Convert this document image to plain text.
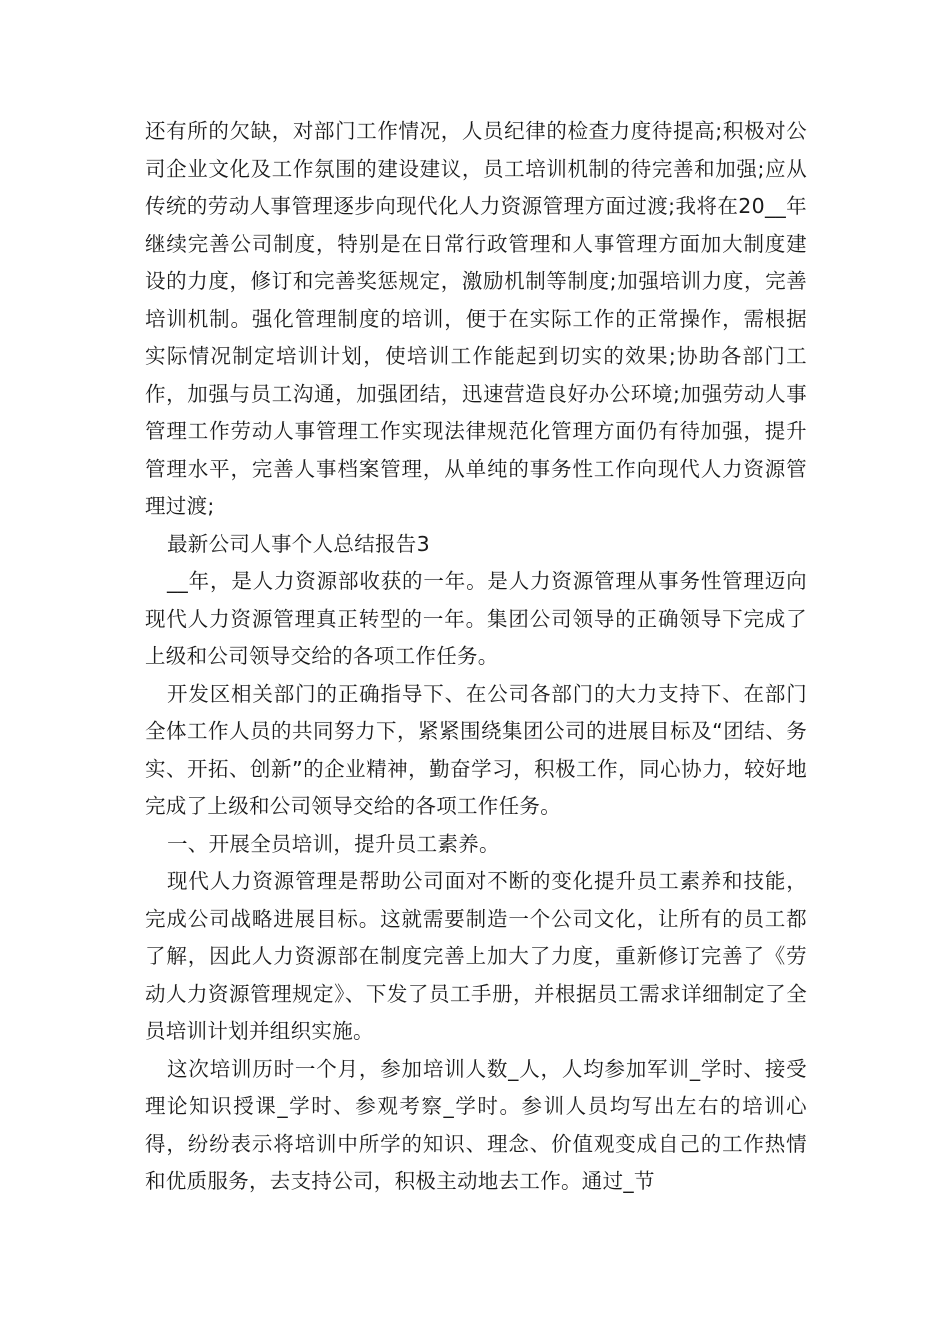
还有所的欠缺，对部门工作情况，人员纪律的检查力度待提高;积极对公司企业文化及工作氛围的建设建议，员工培训机制的待完善和加强;应从传统的劳动人事管理逐步向现代化人力资源管理方面过渡;我将在20__年继续完善公司制度，特别是在日常行政管理和人事管理方面加大制度建设的力度，修订和完善奖惩规定，激励机制等制度;加强培训力度，完善培训机制。强化管理制度的培训，便于在实际工作的正常操作，需根据实际情况制定培训计划，使培训工作能起到切实的效果;协助各部门工作，加强与员工沟通，加强团结，迅速营造良好办公环境;加强劳动人事管理工作劳动人事管理工作实现法律规范化管理方面仍有待加强，提升管理水平，完善人事档案管理，从单纯的事务性工作向现代人力资源管理过渡;

最新公司人事个人总结报告3

__年，是人力资源部收获的一年。是人力资源管理从事务性管理迈向现代人力资源管理真正转型的一年。集团公司领导的正确领导下完成了上级和公司领导交给的各项工作任务。

开发区相关部门的正确指导下、在公司各部门的大力支持下、在部门全体工作人员的共同努力下，紧紧围绕集团公司的进展目标及“团结、务实、开拓、创新”的企业精神，勤奋学习，积极工作，同心协力，较好地完成了上级和公司领导交给的各项工作任务。

一、开展全员培训，提升员工素养。

现代人力资源管理是帮助公司面对不断的变化提升员工素养和技能，完成公司战略进展目标。这就需要制造一个公司文化，让所有的员工都了解，因此人力资源部在制度完善上加大了力度，重新修订完善了《劳动人力资源管理规定》、下发了员工手册，并根据员工需求详细制定了全员培训计划并组织实施。

这次培训历时一个月，参加培训人数_人，人均参加军训_学时、接受理论知识授课_学时、参观考察_学时。参训人员均写出左右的培训心得，纷纷表示将培训中所学的知识、理念、价值观变成自己的工作热情和优质服务，去支持公司，积极主动地去工作。通过_节
